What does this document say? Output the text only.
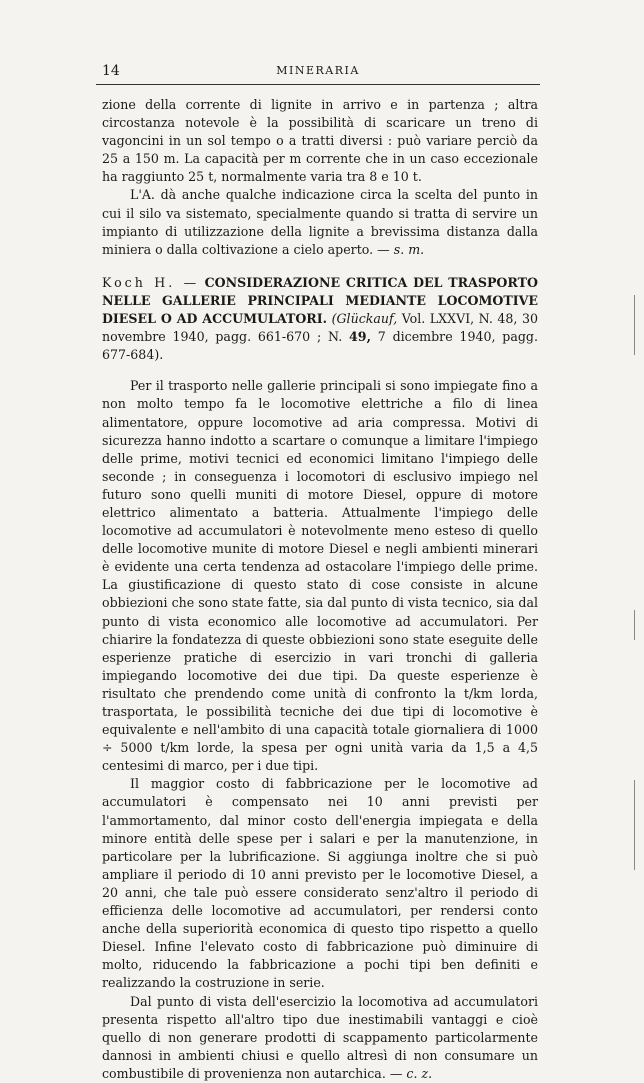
14	MINERARIA

zione della corrente di lignite in arrivo e in partenza ; altra circostanza notevole è la possibilità di scaricare un treno di vagoncini in un sol tempo o a tratti diversi : può variare perciò da 25 a 150 m. La capacità per m corrente che in un caso eccezionale ha raggiunto 25 t, normalmente varia tra 8 e 10 t.

L'A. dà anche qualche indicazione circa la scelta del punto in cui il silo va sistemato, specialmente quando si tratta di servire un impianto di utilizzazione della lignite a brevissima distanza dalla miniera o dalla coltivazione a cielo aperto. — s. m.

Koch H. — CONSIDERAZIONE CRITICA DEL TRASPORTO NELLE GALLERIE PRINCIPALI MEDIANTE LOCOMOTIVE DIESEL O AD ACCUMULATORI. (Glückauf, Vol. LXXVI, N. 48, 30 novembre 1940, pagg. 661-670 ; N. 49, 7 dicembre 1940, pagg. 677-684).

Per il trasporto nelle gallerie principali si sono impiegate fino a non molto tempo fa le locomotive elettriche a filo di linea alimentatore, oppure locomotive ad aria compressa. Motivi di sicurezza hanno indotto a scartare o comunque a limitare l'impiego delle prime, motivi tecnici ed economici limitano l'impiego delle seconde ; in conseguenza i locomotori di esclusivo impiego nel futuro sono quelli muniti di motore Diesel, oppure di motore elettrico alimentato a batteria. Attualmente l'impiego delle locomotive ad accumulatori è notevolmente meno esteso di quello delle locomotive munite di motore Diesel e negli ambienti minerari è evidente una certa tendenza ad ostacolare l'impiego delle prime. La giustificazione di questo stato di cose consiste in alcune obbiezioni che sono state fatte, sia dal punto di vista tecnico, sia dal punto di vista economico alle locomotive ad accumulatori. Per chiarire la fondatezza di queste obbiezioni sono state eseguite delle esperienze pratiche di esercizio in vari tronchi di galleria impiegando locomotive dei due tipi. Da queste esperienze è risultato che prendendo come unità di confronto la t/km lorda, trasportata, le possibilità tecniche dei due tipi di locomotive è equivalente e nell'ambito di una capacità totale giornaliera di 1000 ÷ 5000 t/km lorde, la spesa per ogni unità varia da 1,5 a 4,5 centesimi di marco, per i due tipi.

Il maggior costo di fabbricazione per le locomotive ad accumulatori è compensato nei 10 anni previsti per l'ammortamento, dal minor costo dell'energia impiegata e della minore entità delle spese per i salari e per la manutenzione, in particolare per la lubrificazione. Si aggiunga inoltre che si può ampliare il periodo di 10 anni previsto per le locomotive Diesel, a 20 anni, che tale può essere considerato senz'altro il periodo di efficienza delle locomotive ad accumulatori, per rendersi conto anche della superiorità economica di questo tipo rispetto a quello Diesel. Infine l'elevato costo di fabbricazione può diminuire di molto, riducendo la fabbricazione a pochi tipi ben definiti e realizzando la costruzione in serie.

Dal punto di vista dell'esercizio la locomotiva ad accumulatori presenta rispetto all'altro tipo due inestimabili vantaggi e cioè quello di non generare prodotti di scappamento particolarmente dannosi in ambienti chiusi e quello altresì di non consumare un combustibile di provenienza non autarchica. — c. z.
